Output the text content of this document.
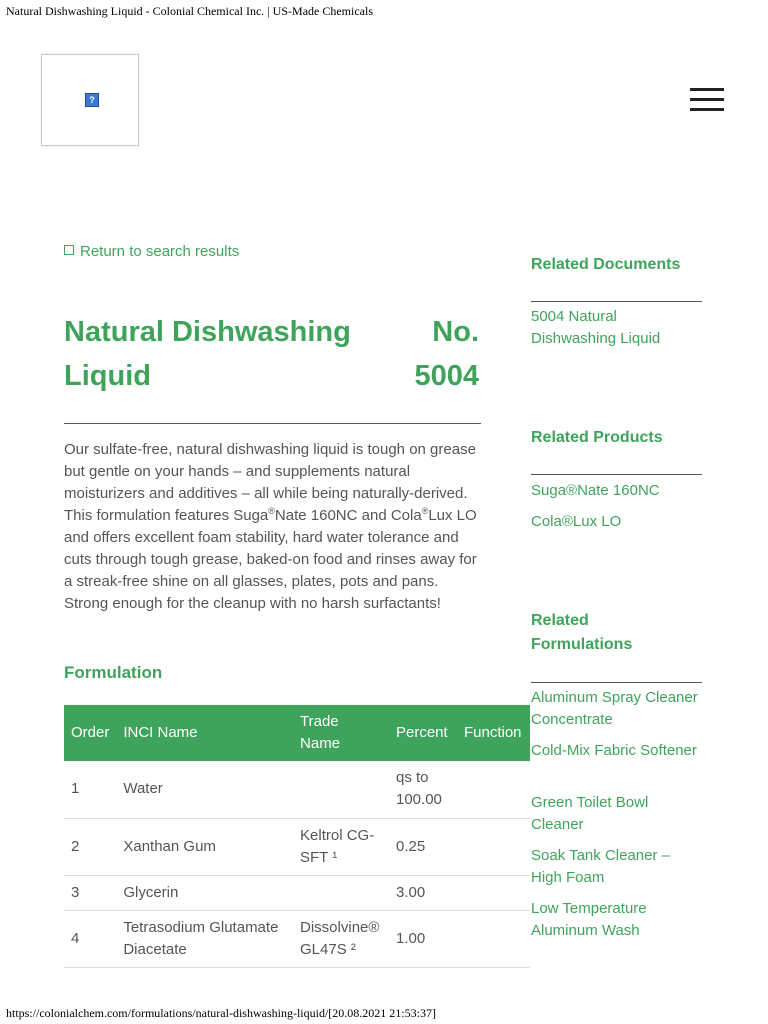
Natural Dishwashing Liquid - Colonial Chemical Inc. | US-Made Chemicals
?
Return to search results
Natural Dishwashing
Liquid
No.
5004
Our sulfate-free, natural dishwashing liquid is tough on grease but gentle on your hands – and supplements natural moisturizers and additives – all while being naturally-derived. This formulation features Suga®Nate 160NC and Cola®Lux LO and offers excellent foam stability, hard water tolerance and cuts through tough grease, baked-on food and rinses away for a streak-free shine on all glasses, plates, pots and pans. Strong enough for the cleanup with no harsh surfactants!
Formulation
Order	INCI Name	Trade Name	Percent	Function
1	Water		qs to 100.00	
2	Xanthan Gum	Keltrol CG-SFT ¹	0.25	
3	Glycerin		3.00	
4	Tetrasodium Glutamate Diacetate	Dissolvine® GL47S ²	1.00	
Related Documents
5004 Natural Dishwashing Liquid
Related Products
Suga®Nate 160NC
Cola®Lux LO
Related Formulations
Aluminum Spray Cleaner Concentrate
Cold-Mix Fabric Softener
Green Toilet Bowl Cleaner
Soak Tank Cleaner – High Foam
Low Temperature Aluminum Wash
https://colonialchem.com/formulations/natural-dishwashing-liquid/[20.08.2021 21:53:37]
